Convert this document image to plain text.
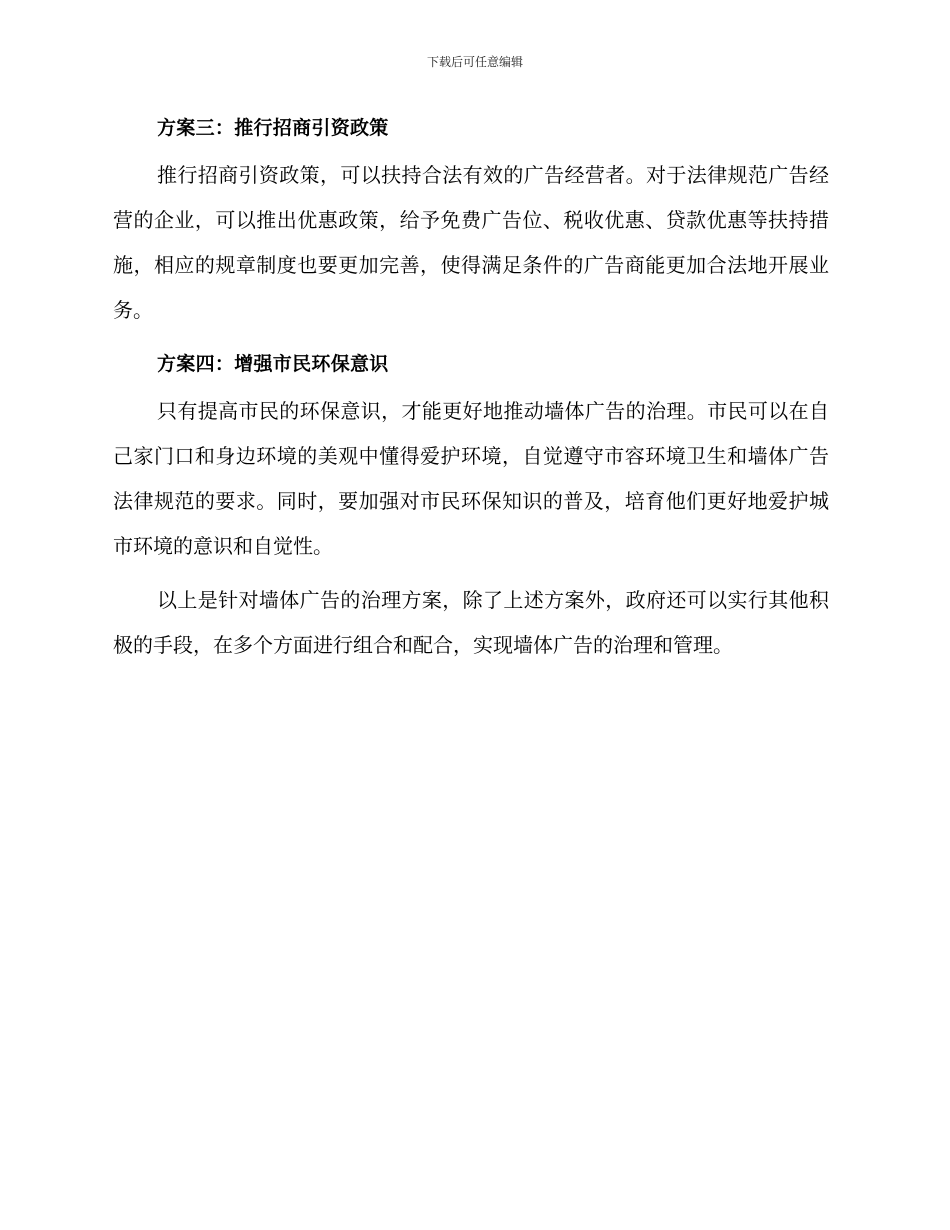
下载后可任意编辑
方案三：推行招商引资政策

推行招商引资政策，可以扶持合法有效的广告经营者。对于法律规范广告经营的企业，可以推出优惠政策，给予免费广告位、税收优惠、贷款优惠等扶持措施，相应的规章制度也要更加完善，使得满足条件的广告商能更加合法地开展业务。

方案四：增强市民环保意识

只有提高市民的环保意识，才能更好地推动墙体广告的治理。市民可以在自己家门口和身边环境的美观中懂得爱护环境，自觉遵守市容环境卫生和墙体广告法律规范的要求。同时，要加强对市民环保知识的普及，培育他们更好地爱护城市环境的意识和自觉性。

以上是针对墙体广告的治理方案，除了上述方案外，政府还可以实行其他积极的手段，在多个方面进行组合和配合，实现墙体广告的治理和管理。
